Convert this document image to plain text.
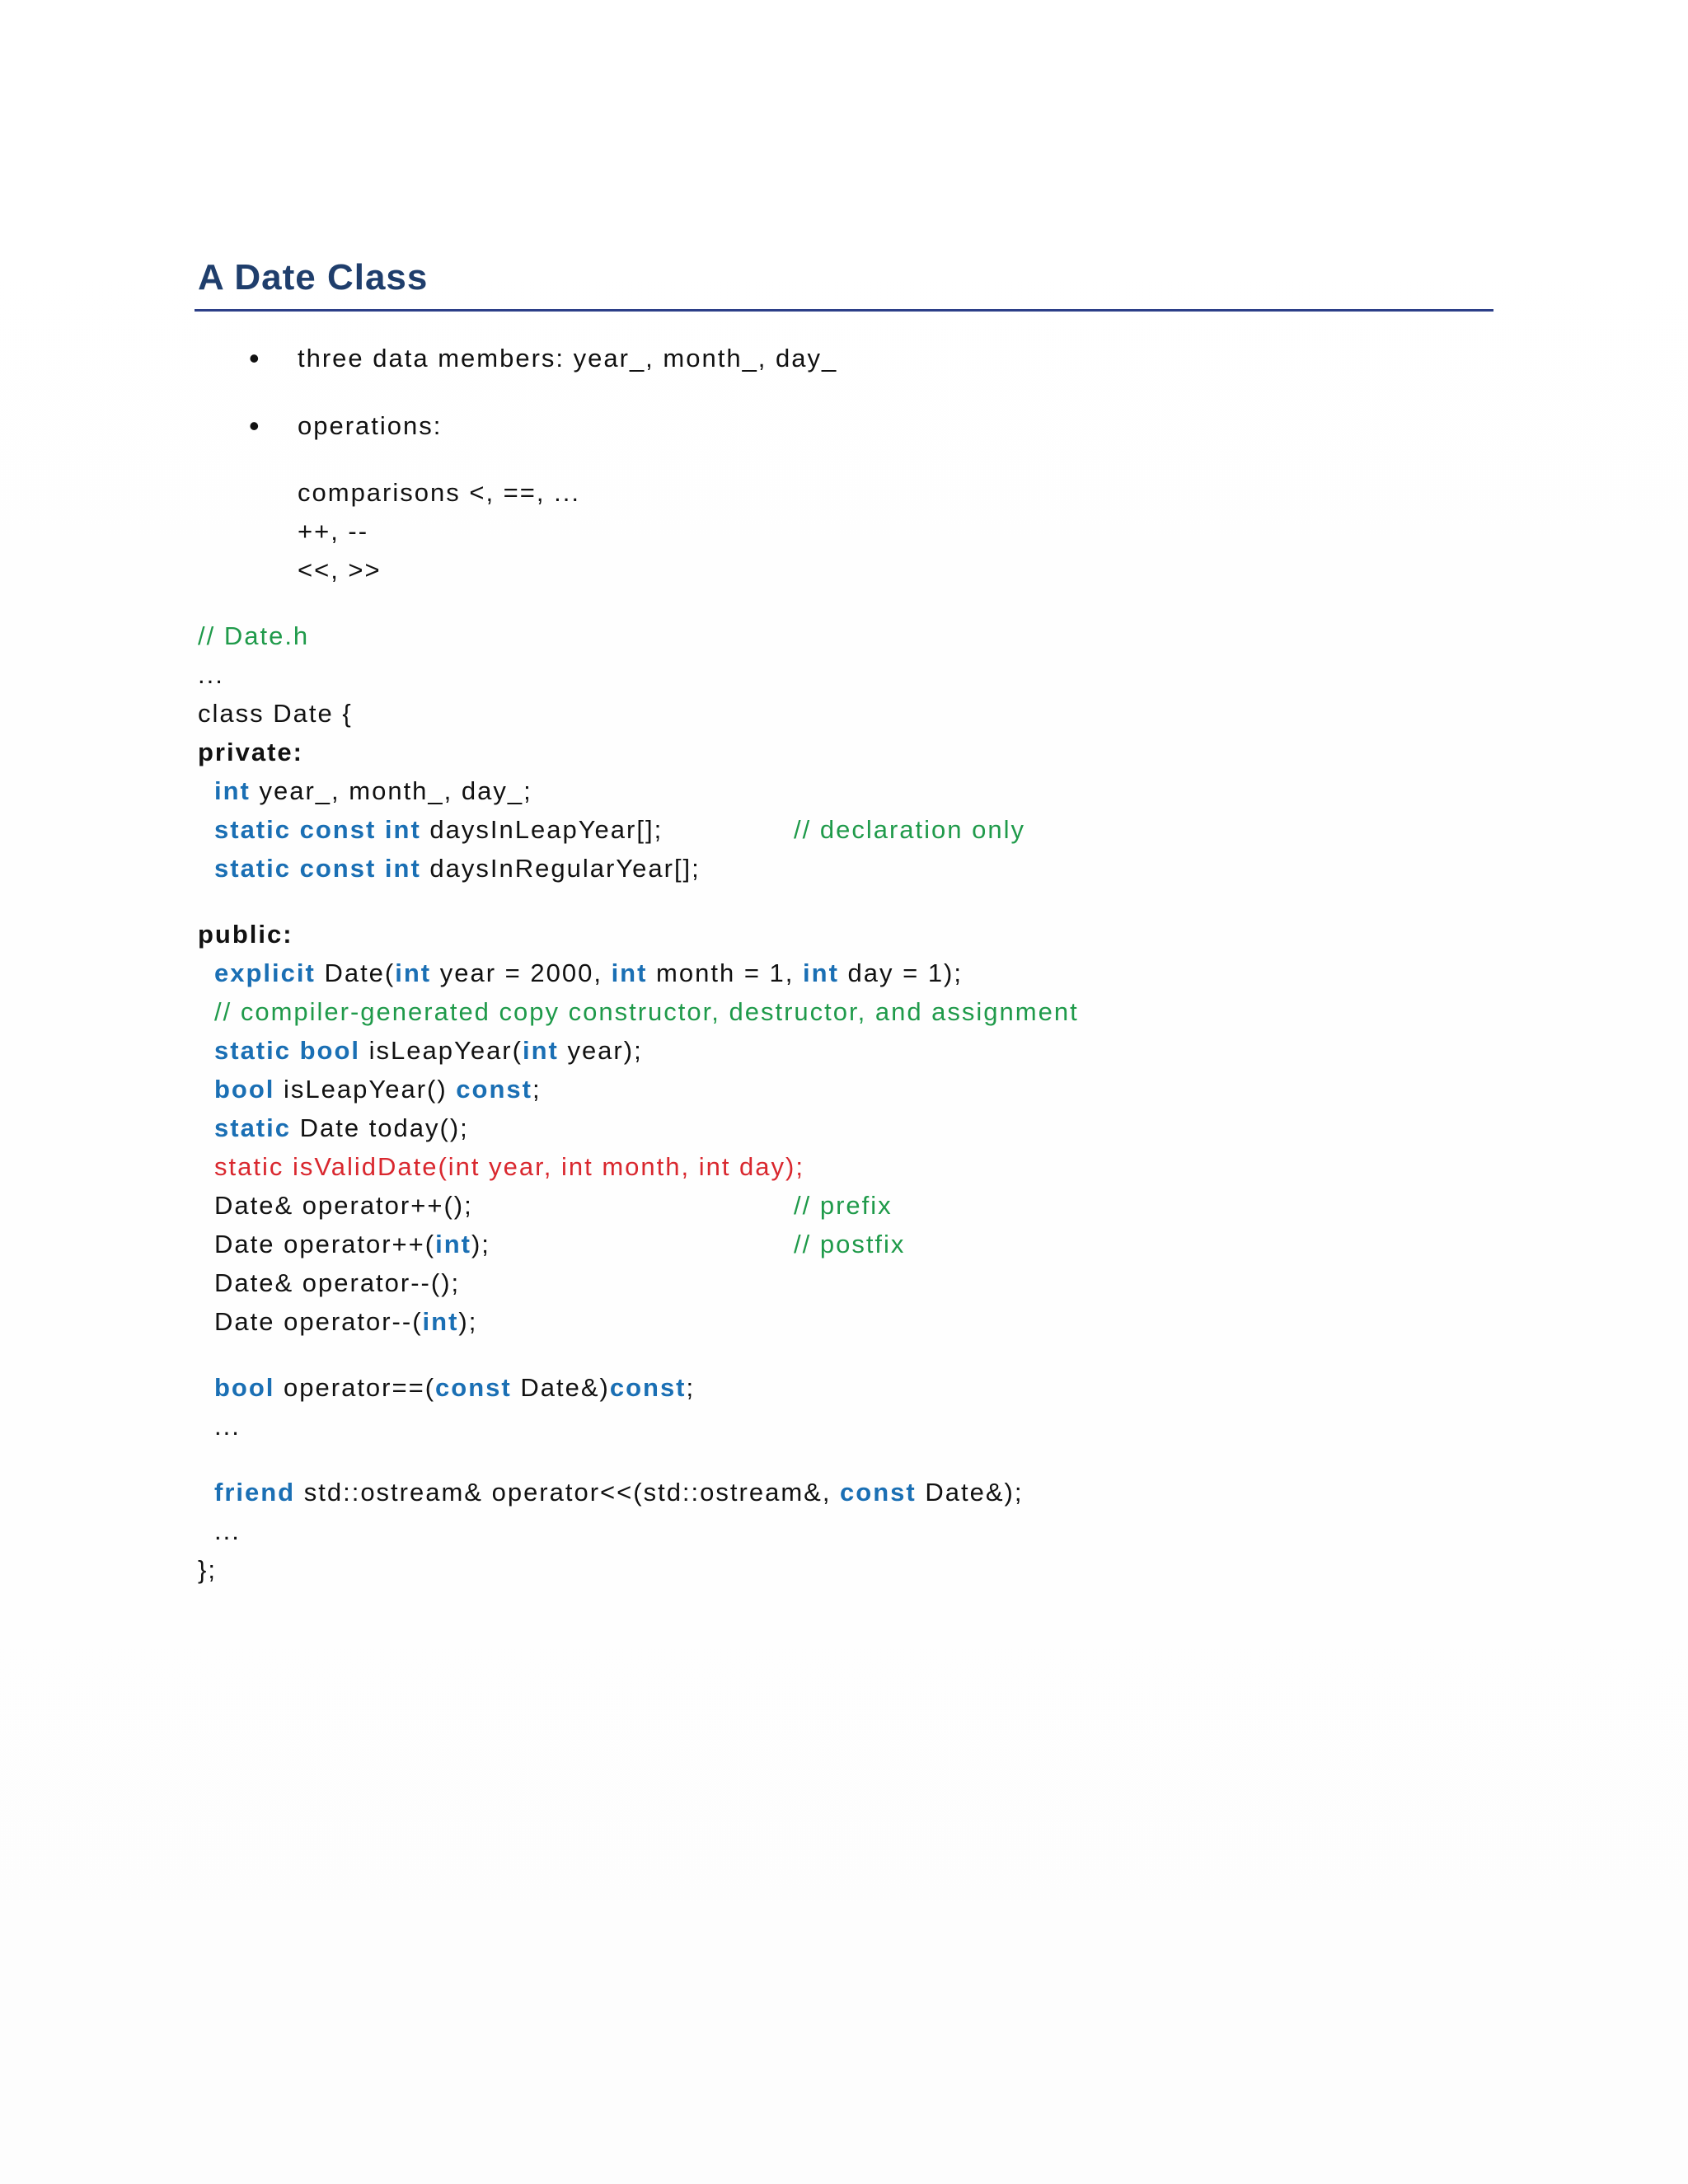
A Date Class
• three data members: year_, month_, day_
• operations:
comparisons <, ==, ...
++, --
<<, >>
// Date.h
...
class Date {
private:
int year_, month_, day_;
static const int daysInLeapYear[];	// declaration only
static const int daysInRegularYear[];
public:
explicit Date(int year = 2000, int month = 1, int day = 1);
// compiler-generated copy constructor, destructor, and assignment
static bool isLeapYear(int year);
bool isLeapYear() const;
static Date today();
static isValidDate(int year, int month, int day);
Date& operator++();	// prefix
Date operator++(int);	// postfix
Date& operator--();
Date operator--(int);
bool operator==(const Date&)const;
...
friend std::ostream& operator<<(std::ostream&, const Date&);
...
};
